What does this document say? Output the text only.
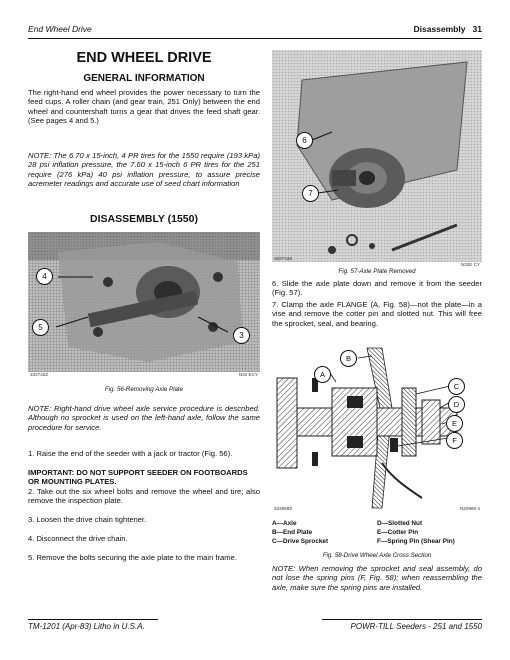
End Wheel Drive	Disassembly   31
END WHEEL DRIVE
GENERAL INFORMATION
The right-hand end wheel provides the power necessary to turn the feed cups. A roller chain (and gear train, 251 Only) between the end wheel and countershaft turns a gear that drives the feed shaft gear. (See pages 4 and 5.)
NOTE: The 6.70 x 15-inch, 4 PR tires for the 1550 require (193 kPa) 28 psi inflation pressure, the 7.60 x 15-inch 6 PR tires for the 251 require (276 kPa) 40 psi inflation pressure, to assure precise acremeter readings and accurate use of seed chart information
DISASSEMBLY (1550)
4
5
3
332742Z	N32 ECY
Fig. 56-Removing Axle Plate
NOTE: Right-hand drive wheel axle service procedure is described. Although no sprocket is used on the left-hand axle, follow the same procedure for service.
1. Raise the end of the seeder with a jack or tractor (Fig. 56).
IMPORTANT: DO NOT SUPPORT SEEDER ON FOOTBOARDS OR MOUNTING PLATES.
2. Take out the six wheel bolts and remove the wheel and tire; also remove the inspection plate.
3. Loosen the drive chain tightener.
4. Disconnect the drive chain.
5. Remove the bolts securing the axle plate to the main frame.
6
7
332743Z
N32E CY
Fig. 57-Axle Plate Removed
6. Slide the axle plate down and remove it from the seeder (Fig. 57).
7. Clamp the axle FLANGE (A, Fig. 58)—not the plate—in a vise and remove the cotter pin and slotted nut. This will free the sprocket, seal, and bearing.
B
A
C
D
E
F
332959Z	N20960 4
A—Axle	D—Slotted Nut
B—End Plate	E—Cotter Pin
C—Drive Sprocket	F—Spring Pin (Shear Pin)
Fig. 58-Drive Wheel Axle Cross Section
NOTE: When removing the sprocket and seal assembly, do not lose the spring pins (F, Fig. 58); when reassembling the axle, make sure the spring pins are installed.
TM-1201 (Apr-83) Litho in U.S.A.	POWR-TILL Seeders - 251 and 1550
